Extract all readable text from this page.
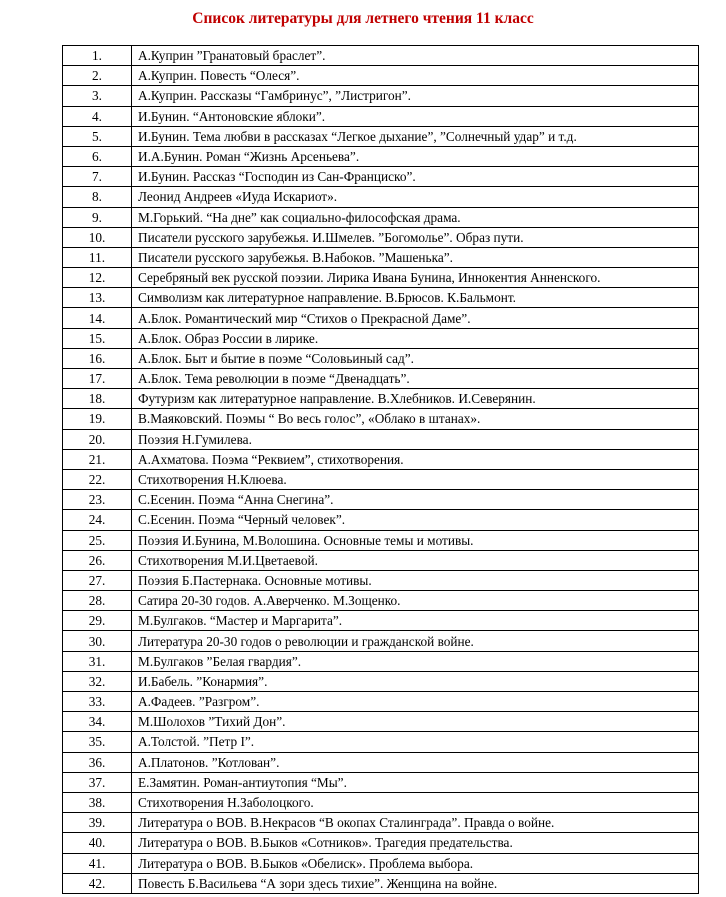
Список литературы для летнего чтения 11 класс
1.	А.Куприн ”Гранатовый браслет”.
2.	А.Куприн. Повесть “Олеся”.
3.	А.Куприн. Рассказы “Гамбринус”, ”Листригон”.
4.	И.Бунин. “Антоновские яблоки”.
5.	И.Бунин. Тема любви в рассказах “Легкое дыхание”, ”Солнечный удар” и т.д.
6.	И.А.Бунин. Роман “Жизнь Арсеньева”.
7.	И.Бунин. Рассказ “Господин из Сан-Франциско”.
8.	Леонид Андреев «Иуда Искариот».
9.	М.Горький. “На дне” как социально-философская драма.
10.	Писатели русского зарубежья. И.Шмелев. ”Богомолье”. Образ пути.
11.	Писатели русского зарубежья. В.Набоков. ”Машенька”.
12.	Серебряный век русской поэзии. Лирика Ивана Бунина, Иннокентия Анненского.
13.	Символизм как литературное направление. В.Брюсов. К.Бальмонт.
14.	А.Блок. Романтический мир “Стихов о Прекрасной Даме”.
15.	А.Блок. Образ России в лирике.
16.	А.Блок. Быт и бытие в поэме “Соловьиный сад”.
17.	А.Блок. Тема революции в поэме “Двенадцать”.
18.	Футуризм как литературное направление. В.Хлебников. И.Северянин.
19.	В.Маяковский. Поэмы “ Во весь голос”, «Облако в штанах».
20.	Поэзия Н.Гумилева.
21.	А.Ахматова. Поэма “Реквием”, стихотворения.
22.	Стихотворения Н.Клюева.
23.	С.Есенин. Поэма “Анна Снегина”.
24.	С.Есенин. Поэма “Черный человек”.
25.	Поэзия И.Бунина, М.Волошина. Основные темы и мотивы.
26.	Стихотворения М.И.Цветаевой.
27.	Поэзия Б.Пастернака. Основные мотивы.
28.	Сатира 20-30 годов. А.Аверченко. М.Зощенко.
29.	М.Булгаков. “Мастер и Маргарита”.
30.	Литература 20-30 годов о революции и гражданской войне.
31.	М.Булгаков ”Белая гвардия”.
32.	И.Бабель. ”Конармия”.
33.	А.Фадеев. ”Разгром”.
34.	М.Шолохов ”Тихий Дон”.
35.	А.Толстой. ”Петр I”.
36.	А.Платонов. ”Котлован”.
37.	Е.Замятин. Роман-антиутопия “Мы”.
38.	Стихотворения Н.Заболоцкого.
39.	Литература о ВОВ. В.Некрасов “В окопах Сталинграда”. Правда о войне.
40.	Литература о ВОВ. В.Быков «Сотников». Трагедия предательства.
41.	Литература о ВОВ. В.Быков «Обелиск». Проблема выбора.
42.	Повесть Б.Васильева “А зори здесь тихие”. Женщина на войне.
